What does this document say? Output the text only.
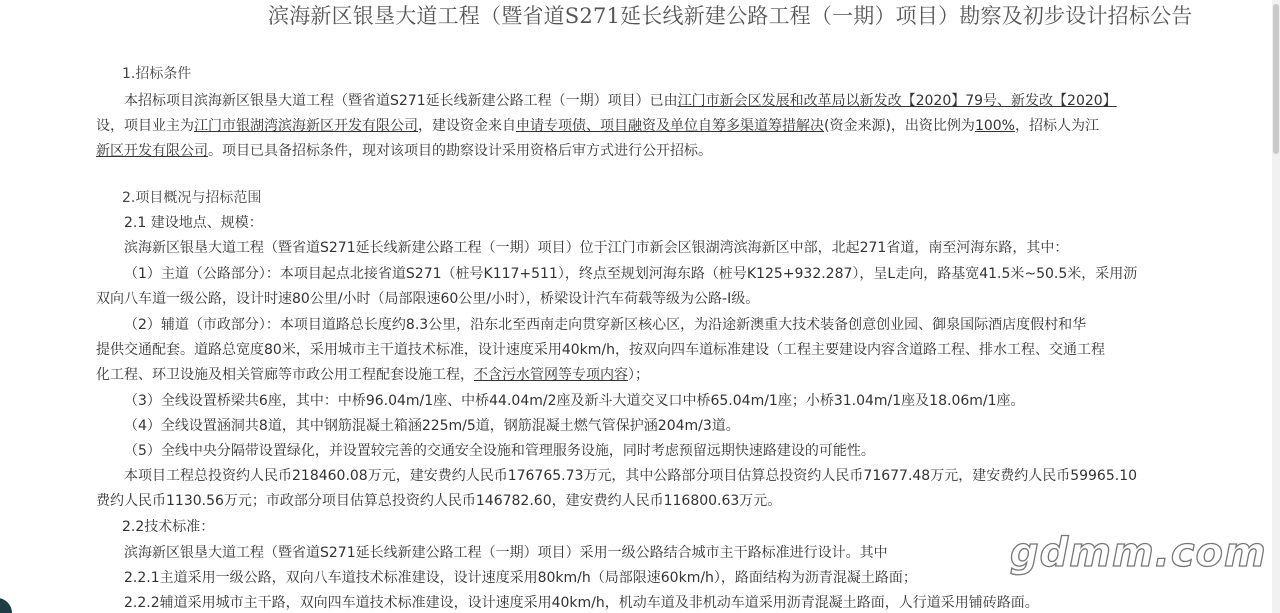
滨海新区银垦大道工程（暨省道S271延长线新建公路工程（一期）项目）勘察及初步设计招标公告
1.招标条件
本招标项目滨海新区银垦大道工程（暨省道S271延长线新建公路工程（一期）项目）已由江门市新会区发展和改革局以新发改【2020】79号、新发改【2020】
设，项目业主为江门市银湖湾滨海新区开发有限公司，建设资金来自申请专项债、项目融资及单位自筹多渠道筹措解决(资金来源)，出资比例为100%，招标人为江
新区开发有限公司。项目已具备招标条件，现对该项目的勘察设计采用资格后审方式进行公开招标。
2.项目概况与招标范围
2.1 建设地点、规模：
滨海新区银垦大道工程（暨省道S271延长线新建公路工程（一期）项目）位于江门市新会区银湖湾滨海新区中部，北起271省道，南至河海东路，其中：
（1）主道（公路部分）：本项目起点北接省道S271（桩号K117+511），终点至规划河海东路（桩号K125+932.287），呈L走向，路基宽41.5米~50.5米，采用沥
双向八车道一级公路，设计时速80公里/小时（局部限速60公里/小时），桥梁设计汽车荷载等级为公路-Ⅰ级。
（2）辅道（市政部分）：本项目道路总长度约8.3公里，沿东北至西南走向贯穿新区核心区，为沿途新澳重大技术装备创意创业园、御泉国际酒店度假村和华
提供交通配套。道路总宽度80米，采用城市主干道技术标准，设计速度采用40km/h，按双向四车道标准建设（工程主要建设内容含道路工程、排水工程、交通工程
化工程、环卫设施及相关管廊等市政公用工程配套设施工程，不含污水管网等专项内容）；
（3）全线设置桥梁共6座，其中：中桥96.04m/1座、中桥44.04m/2座及新斗大道交叉口中桥65.04m/1座；小桥31.04m/1座及18.06m/1座。
（4）全线设置涵洞共8道，其中钢筋混凝土箱涵225m/5道，钢筋混凝土燃气管保护涵204m/3道。
（5）全线中央分隔带设置绿化，并设置较完善的交通安全设施和管理服务设施，同时考虑预留远期快速路建设的可能性。
本项目工程总投资约人民币218460.08万元，建安费约人民币176765.73万元，其中公路部分项目估算总投资约人民币71677.48万元，建安费约人民币59965.10
费约人民币1130.56万元；市政部分项目估算总投资约人民币146782.60，建安费约人民币116800.63万元。
2.2技术标准：
滨海新区银垦大道工程（暨省道S271延长线新建公路工程（一期）项目）采用一级公路结合城市主干路标准进行设计。其中
2.2.1主道采用一级公路，双向八车道技术标准建设，设计速度采用80km/h（局部限速60km/h），路面结构为沥青混凝土路面；
2.2.2辅道采用城市主干路，双向四车道技术标准建设，设计速度采用40km/h，机动车道及非机动车道采用沥青混凝土路面，人行道采用铺砖路面。
gdmm.com
